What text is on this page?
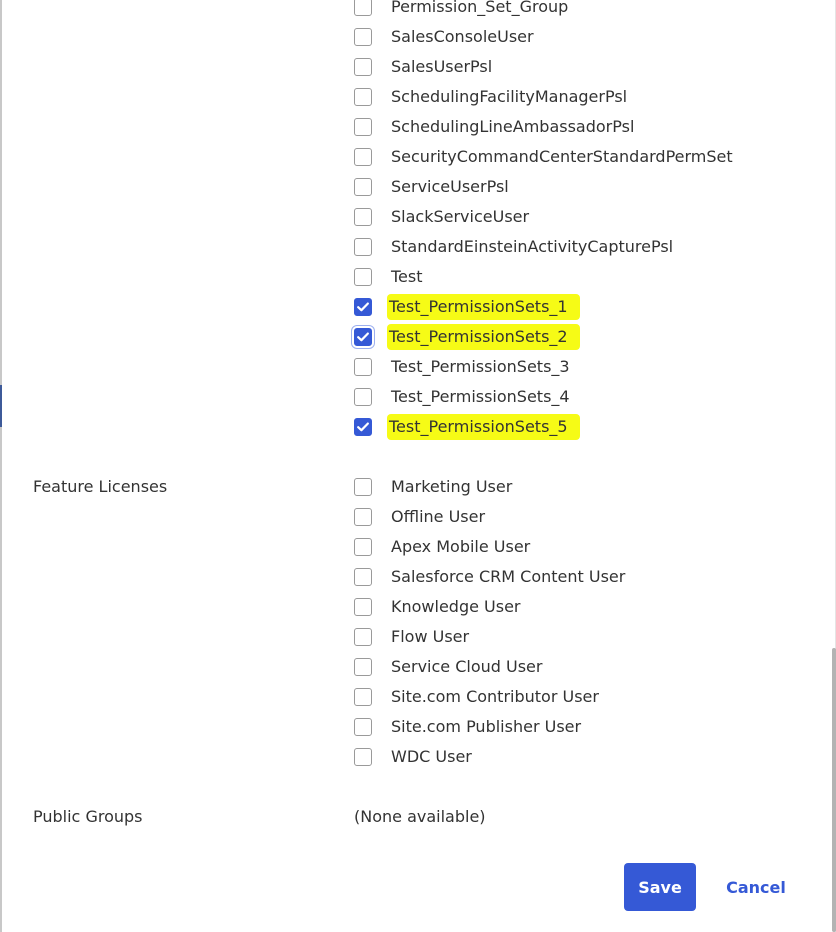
Permission_Set_Group
SalesConsoleUser
SalesUserPsl
SchedulingFacilityManagerPsl
SchedulingLineAmbassadorPsl
SecurityCommandCenterStandardPermSet
ServiceUserPsl
SlackServiceUser
StandardEinsteinActivityCapturePsl
Test
Test_PermissionSets_1
Test_PermissionSets_2
Test_PermissionSets_3
Test_PermissionSets_4
Test_PermissionSets_5
Feature Licenses	Marketing User
Offline User
Apex Mobile User
Salesforce CRM Content User
Knowledge User
Flow User
Service Cloud User
Site.com Contributor User
Site.com Publisher User
WDC User
Public Groups	(None available)
Save	Cancel
